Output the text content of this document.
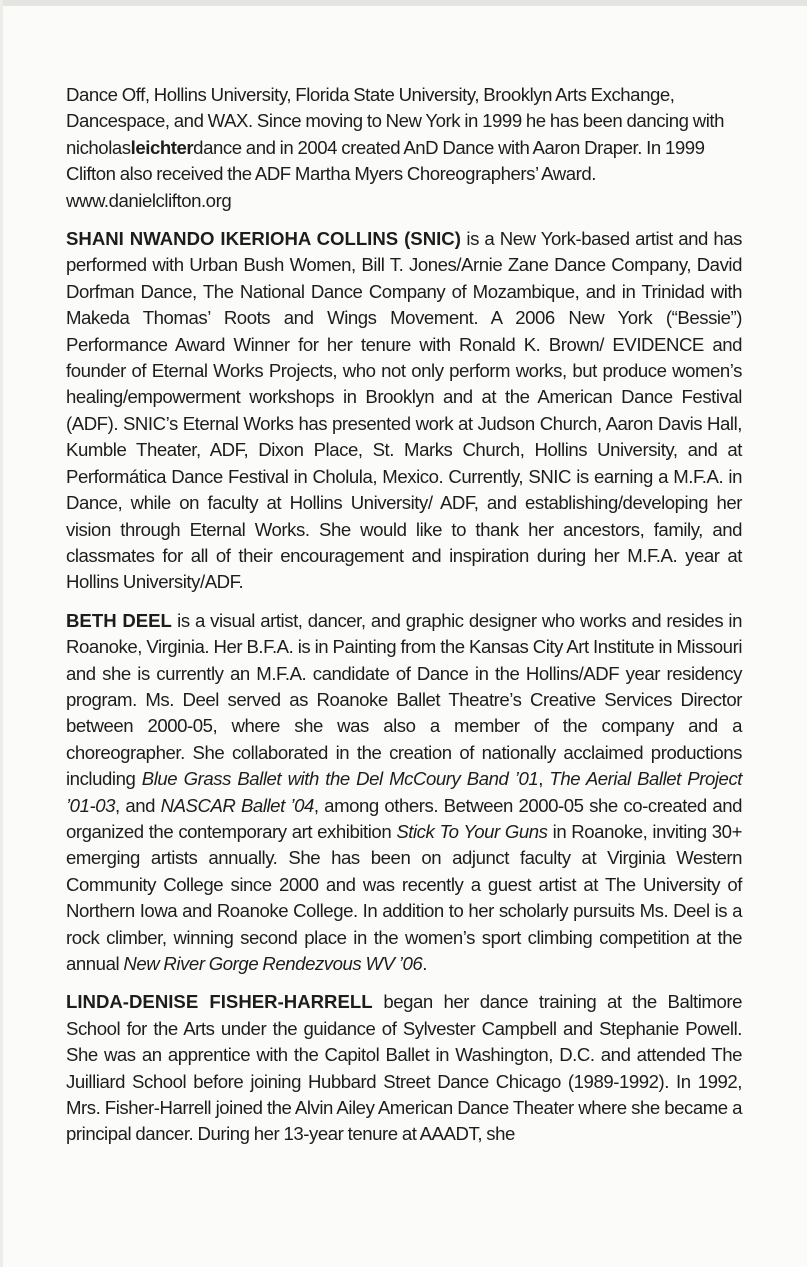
Dance Off, Hollins University, Florida State University, Brooklyn Arts Exchange, Dancespace, and WAX. Since moving to New York in 1999 he has been dancing with nicholasleichterdance and in 2004 created AnD Dance with Aaron Draper. In 1999 Clifton also received the ADF Martha Myers Choreographers’ Award. www.danielclifton.org

SHANI NWANDO IKERIOHA COLLINS (SNIC) is a New York-based artist and has performed with Urban Bush Women, Bill T. Jones/Arnie Zane Dance Company, David Dorfman Dance, The National Dance Company of Mozambique, and in Trinidad with Makeda Thomas’ Roots and Wings Movement. A 2006 New York (“Bessie”) Performance Award Winner for her tenure with Ronald K. Brown/ EVIDENCE and founder of Eternal Works Projects, who not only perform works, but produce women’s healing/empowerment workshops in Brooklyn and at the American Dance Festival (ADF). SNIC’s Eternal Works has presented work at Judson Church, Aaron Davis Hall, Kumble Theater, ADF, Dixon Place, St. Marks Church, Hollins University, and at Performática Dance Festival in Cholula, Mexico. Currently, SNIC is earning a M.F.A. in Dance, while on faculty at Hollins University/ ADF, and establishing/developing her vision through Eternal Works. She would like to thank her ancestors, family, and classmates for all of their encouragement and inspiration during her M.F.A. year at Hollins University/ADF.

BETH DEEL is a visual artist, dancer, and graphic designer who works and resides in Roanoke, Virginia. Her B.F.A. is in Painting from the Kansas City Art Institute in Missouri and she is currently an M.F.A. candidate of Dance in the Hollins/ADF year residency program. Ms. Deel served as Roanoke Ballet Theatre’s Creative Services Director between 2000-05, where she was also a member of the company and a choreographer. She collaborated in the creation of nationally acclaimed productions including Blue Grass Ballet with the Del McCoury Band ’01, The Aerial Ballet Project ’01-03, and NASCAR Ballet ’04, among others. Between 2000-05 she co-created and organized the contemporary art exhibition Stick To Your Guns in Roanoke, inviting 30+ emerging artists annually. She has been on adjunct faculty at Virginia Western Community College since 2000 and was recently a guest artist at The University of Northern Iowa and Roanoke College. In addition to her scholarly pursuits Ms. Deel is a rock climber, winning second place in the women’s sport climbing competition at the annual New River Gorge Rendezvous WV ’06.

LINDA-DENISE FISHER-HARRELL began her dance training at the Baltimore School for the Arts under the guidance of Sylvester Campbell and Stephanie Powell. She was an apprentice with the Capitol Ballet in Washington, D.C. and attended The Juilliard School before joining Hubbard Street Dance Chicago (1989-1992). In 1992, Mrs. Fisher-Harrell joined the Alvin Ailey American Dance Theater where she became a principal dancer. During her 13-year tenure at AAADT, she
